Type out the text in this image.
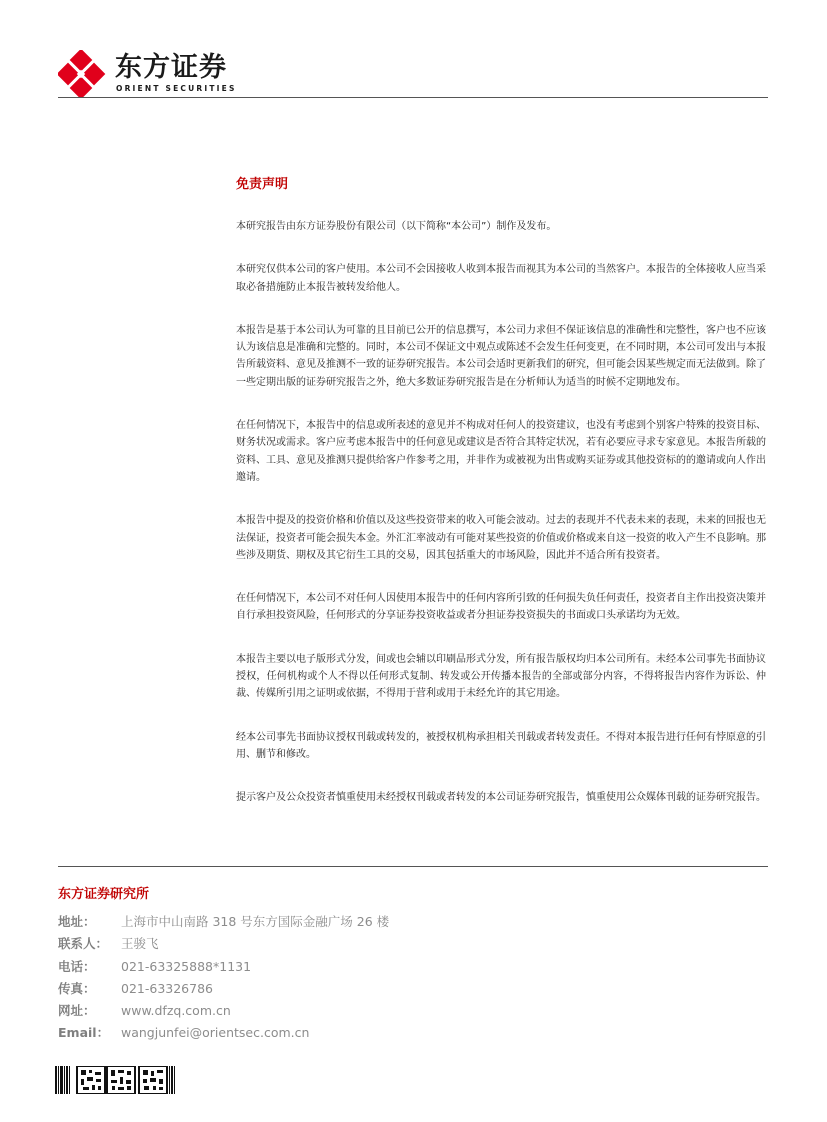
东方证券
ORIENT SECURITIES
免责声明

本研究报告由东方证券股份有限公司（以下简称“本公司”）制作及发布。

本研究仅供本公司的客户使用。本公司不会因接收人收到本报告而视其为本公司的当然客户。本报告的全体接收人应当采取必备措施防止本报告被转发给他人。

本报告是基于本公司认为可靠的且目前已公开的信息撰写，本公司力求但不保证该信息的准确性和完整性，客户也不应该认为该信息是准确和完整的。同时，本公司不保证文中观点或陈述不会发生任何变更，在不同时期，本公司可发出与本报告所载资料、意见及推测不一致的证券研究报告。本公司会适时更新我们的研究，但可能会因某些规定而无法做到。除了一些定期出版的证券研究报告之外，绝大多数证券研究报告是在分析师认为适当的时候不定期地发布。

在任何情况下，本报告中的信息或所表述的意见并不构成对任何人的投资建议，也没有考虑到个别客户特殊的投资目标、财务状况或需求。客户应考虑本报告中的任何意见或建议是否符合其特定状况，若有必要应寻求专家意见。本报告所载的资料、工具、意见及推测只提供给客户作参考之用，并非作为或被视为出售或购买证券或其他投资标的的邀请或向人作出邀请。

本报告中提及的投资价格和价值以及这些投资带来的收入可能会波动。过去的表现并不代表未来的表现，未来的回报也无法保证，投资者可能会损失本金。外汇汇率波动有可能对某些投资的价值或价格或来自这一投资的收入产生不良影响。那些涉及期货、期权及其它衍生工具的交易，因其包括重大的市场风险，因此并不适合所有投资者。

在任何情况下，本公司不对任何人因使用本报告中的任何内容所引致的任何损失负任何责任，投资者自主作出投资决策并自行承担投资风险，任何形式的分享证券投资收益或者分担证券投资损失的书面或口头承诺均为无效。

本报告主要以电子版形式分发，间或也会辅以印刷品形式分发，所有报告版权均归本公司所有。未经本公司事先书面协议授权，任何机构或个人不得以任何形式复制、转发或公开传播本报告的全部或部分内容，不得将报告内容作为诉讼、仲裁、传媒所引用之证明或依据，不得用于营利或用于未经允许的其它用途。

经本公司事先书面协议授权刊载或转发的，被授权机构承担相关刊载或者转发责任。不得对本报告进行任何有悖原意的引用、删节和修改。

提示客户及公众投资者慎重使用未经授权刊载或者转发的本公司证券研究报告，慎重使用公众媒体刊载的证券研究报告。

东方证券研究所
地址： 上海市中山南路 318 号东方国际金融广场 26 楼
联系人： 王骏飞
电话： 021-63325888*1131
传真： 021-63326786
网址： www.dfzq.com.cn
Email： wangjunfei@orientsec.com.cn
